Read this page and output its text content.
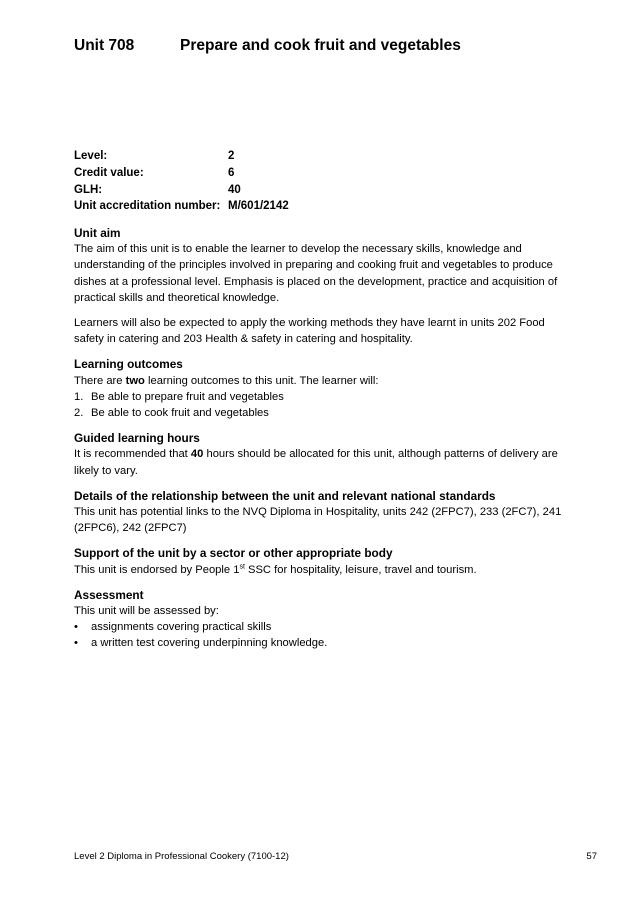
Unit 708	Prepare and cook fruit and vegetables
Level:	2
Credit value:	6
GLH:	40
Unit accreditation number: M/601/2142
Unit aim
The aim of this unit is to enable the learner to develop the necessary skills, knowledge and understanding of the principles involved in preparing and cooking fruit and vegetables to produce dishes at a professional level. Emphasis is placed on the development, practice and acquisition of practical skills and theoretical knowledge.
Learners will also be expected to apply the working methods they have learnt in units 202 Food safety in catering and 203 Health & safety in catering and hospitality.
Learning outcomes
There are two learning outcomes to this unit. The learner will:
1. Be able to prepare fruit and vegetables
2. Be able to cook fruit and vegetables
Guided learning hours
It is recommended that 40 hours should be allocated for this unit, although patterns of delivery are likely to vary.
Details of the relationship between the unit and relevant national standards
This unit has potential links to the NVQ Diploma in Hospitality, units 242 (2FPC7), 233 (2FC7), 241 (2FPC6), 242 (2FPC7)
Support of the unit by a sector or other appropriate body
This unit is endorsed by People 1st SSC for hospitality, leisure, travel and tourism.
Assessment
This unit will be assessed by:
•	assignments covering practical skills
•	a written test covering underpinning knowledge.
Level 2 Diploma in Professional Cookery (7100-12)	57
